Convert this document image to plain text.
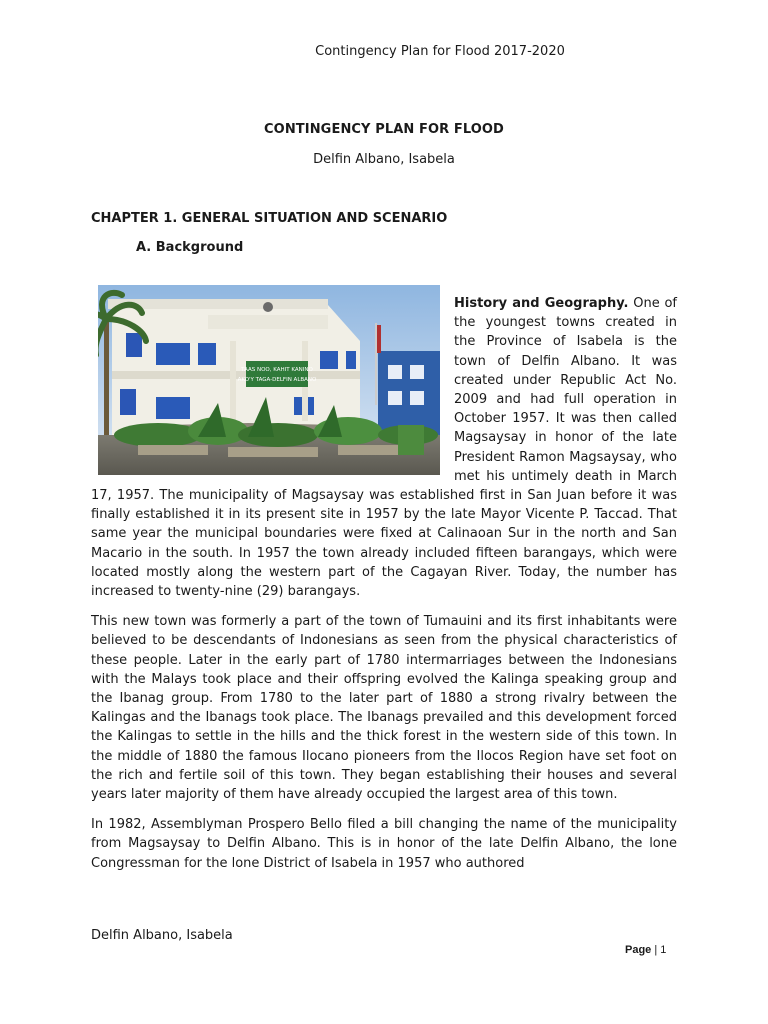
Contingency Plan for Flood 2017-2020
CONTINGENCY PLAN FOR FLOOD
Delfin Albano, Isabela
CHAPTER 1. GENERAL SITUATION AND SCENARIO
A. Background
TAAS NOO, KAHIT KANINO
AKO'Y TAGA-DELFIN ALBANO

History and Geography. One of the youngest towns created in the Province of Isabela is the town of Delfin Albano. It was created under Republic Act No. 2009 and had full operation in October 1957. It was then called Magsaysay in honor of the late President Ramon Magsaysay, who met his untimely death in March 17, 1957. The municipality of Magsaysay was established first in San Juan before it was finally established it in its present site in 1957 by the late Mayor Vicente P. Taccad. That same year the municipal boundaries were fixed at Calinaoan Sur in the north and San Macario in the south. In 1957 the town already included fifteen barangays, which were located mostly along the western part of the Cagayan River. Today, the number has increased to twenty-nine (29) barangays.

This new town was formerly a part of the town of Tumauini and its first inhabitants were believed to be descendants of Indonesians as seen from the physical characteristics of these people. Later in the early part of 1780 intermarriages between the Indonesians with the Malays took place and their offspring evolved the Kalinga speaking group and the Ibanag group. From 1780 to the later part of 1880 a strong rivalry between the Kalingas and the Ibanags took place. The Ibanags prevailed and this development forced the Kalingas to settle in the hills and the thick forest in the western side of this town. In the middle of 1880 the famous Ilocano pioneers from the Ilocos Region have set foot on the rich and fertile soil of this town. They began establishing their houses and several years later majority of them have already occupied the largest area of this town.

In 1982, Assemblyman Prospero Bello filed a bill changing the name of the municipality from Magsaysay to Delfin Albano. This is in honor of the late Delfin Albano, the lone Congressman for the lone District of Isabela in 1957 who authored

Delfin Albano, Isabela
Page | 1
